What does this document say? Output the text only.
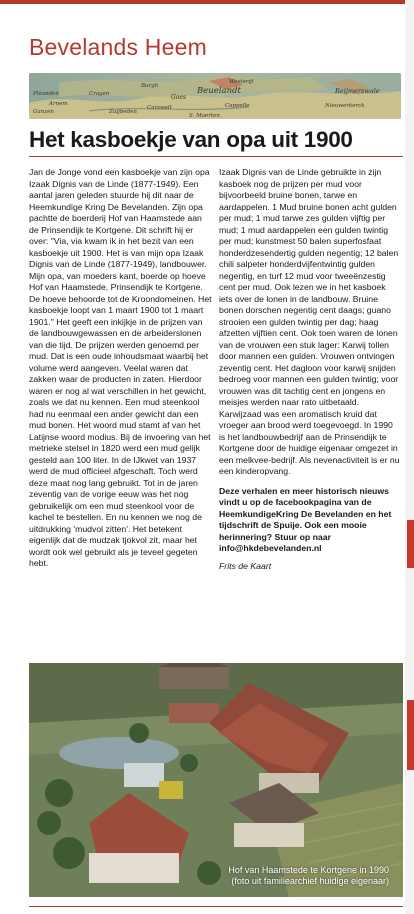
Bevelands Heem
Pleanden
Ganzen
Cragen
Burgh
Goes
Beuelandt
Arnem
Carswelt
Westerijl
Cappelle
Zuijbeden
Reijmerswale
Nieuwerkerck
S. Maerten
Het kasboekje van opa uit 1900

Jan de Jonge vond een kasboekje van zijn opa Izaak Dignis van de Linde (1877-1949). Een aantal jaren geleden stuurde hij dit naar de Heemkundige Kring De Bevelanden. Zijn opa pachtte de boerderij Hof van Haamstede aan de Prinsendijk te Kortgene. Dit schrift hij er over: "Via, via kwam ik in het bezit van een kasboekje uit 1900. Het is van mijn opa Izaak Dignis van de Linde (1877-1949), landbouwer. Mijn opa, van moeders kant, boerde op hoeve Hof van Haamstede, Prinsendijk te Kortgene. De hoeve behoorde tot de Kroondomeinen. Het kasboekje loopt van 1 maart 1900 tot 1 maart 1901." Het geeft een inkijkje in de prijzen van de landbouwgewassen en de arbeiderslonen van die tijd. De prijzen werden genoemd per mud. Dat is een oude inhoudsmaat waarbij het volume werd aangeven. Veelal waren dat zakken waar de producten in zaten. Hierdoor waren er nog al wat verschillen in het gewicht, zoals we dat nu kennen. Een mud steenkool had nu eenmaal een ander gewicht dan een mud bonen. Het woord mud stamt af van het Latijnse woord modius. Bij de invoering van het metrieke stelsel in 1820 werd een mud gelijk gesteld aan 100 liter. In de IJkwet van 1937 werd de mud officieel afgeschaft. Toch werd deze maat nog lang gebruikt. Tot in de jaren zeventig van de vorige eeuw was het nog gebruikelijk om een mud steenkool voor de kachel te bestellen. En nu kennen we nog de uitdrukking 'mudvol zitten'. Het betekent eigenlijk dat de mudzak tjokvol zit, maar het wordt ook wel gebruikt als je teveel gegeten hebt.

Izaak Dignis van de Linde gebruikte in zijn kasboek nog de prijzen per mud voor bijvoorbeeld bruine bonen, tarwe en aardappelen. 1 Mud bruine bonen acht gulden per mud; 1 mud tarwe zes gulden vijftig per mud; 1 mud aardappelen een gulden twintig per mud; kunstmest 50 balen superfosfaat honderdzesendertig gulden negentig; 12 balen chili salpeter honderdvijfentwintig gulden negentig, en turf 12 mud voor tweeënzestig cent per mud. Ook lezen we in het kasboek iets over de lonen in de landbouw. Bruine bonen dorschen negentig cent daags; guano strooien een gulden twintig per dag; haag afzetten vijftien cent. Ook toen waren de lonen van de vrouwen een stuk lager: Karwij tollen door mannen een gulden. Vrouwen ontvingen zeventig cent. Het dagloon voor karwij snijden bedroeg voor mannen een gulden twintig; voor vrouwen was dit tachtig cent en jongens en meisjes werden naar rato uitbetaald. Karwijzaad was een aromatisch kruid dat vroeger aan brood werd toegevoegd. In 1990 is het landbouwbedrijf aan de Prinsendijk te Kortgene door de huidige eigenaar omgezet in een melkvee-bedrijf. Als nevenactiviteit is er nu een kinderopvang.

Deze verhalen en meer historisch nieuws vindt u op de facebookpagina van de HeemkundigeKring De Bevelanden en het tijdschrift de Spuije. Ook een mooie herinnering? Stuur op naar info@hkdebevelanden.nl

Frits de Kaart

Hof van Haamstede te Kortgene in 1990
(foto uit familiearchief huidige eigenaar)
